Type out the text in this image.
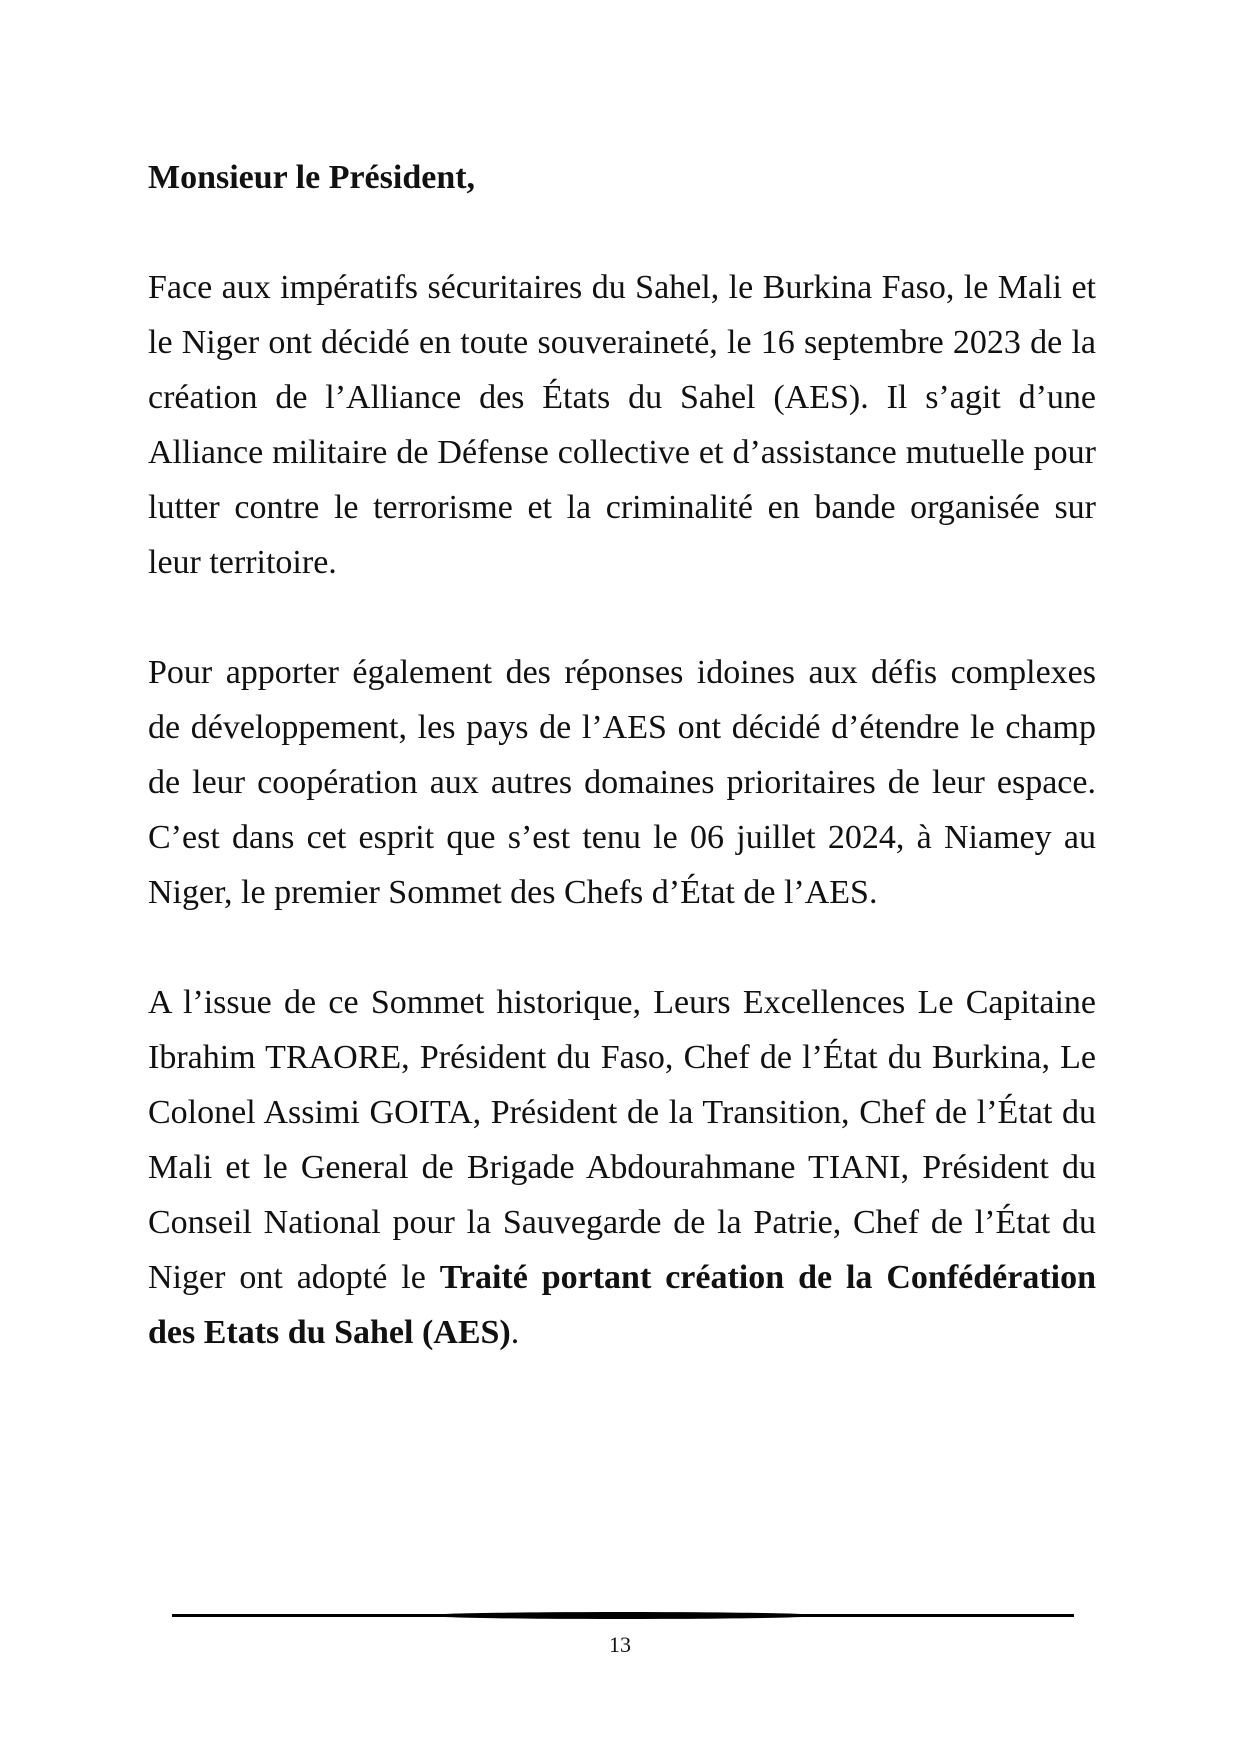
Monsieur le Président,

Face aux impératifs sécuritaires du Sahel, le Burkina Faso, le Mali et le Niger ont décidé en toute souveraineté, le 16 septembre 2023 de la création de l’Alliance des États du Sahel (AES). Il s’agit d’une Alliance militaire de Défense collective et d’assistance mutuelle pour lutter contre le terrorisme et la criminalité en bande organisée sur leur territoire.

Pour apporter également des réponses idoines aux défis complexes de développement, les pays de l’AES ont décidé d’étendre le champ de leur coopération aux autres domaines prioritaires de leur espace. C’est dans cet esprit que s’est tenu le 06 juillet 2024, à Niamey au Niger, le premier Sommet des Chefs d’État de l’AES.

A l’issue de ce Sommet historique, Leurs Excellences Le Capitaine Ibrahim TRAORE, Président du Faso, Chef de l’État du Burkina, Le Colonel Assimi GOITA, Président de la Transition, Chef de l’État du Mali et le General de Brigade Abdourahmane TIANI, Président du Conseil National pour la Sauvegarde de la Patrie, Chef de l’État du Niger ont adopté le Traité portant création de la Confédération des Etats du Sahel (AES).

13
